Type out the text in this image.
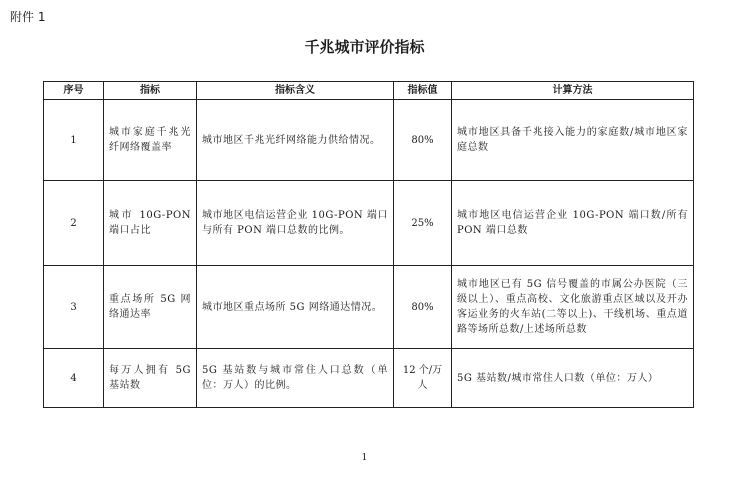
附件 1
千兆城市评价指标
序号	指标	指标含义	指标值	计算方法
1	城市家庭千兆光纤网络覆盖率	城市地区千兆光纤网络能力供给情况。	80%	城市地区具备千兆接入能力的家庭数/城市地区家庭总数
2	城市 10G-PON 端口占比	城市地区电信运营企业 10G-PON 端口与所有 PON 端口总数的比例。	25%	城市地区电信运营企业 10G-PON 端口数/所有 PON 端口总数
3	重点场所 5G 网络通达率	城市地区重点场所 5G 网络通达情况。	80%	城市地区已有 5G 信号覆盖的市属公办医院（三级以上）、重点高校、文化旅游重点区域以及开办客运业务的火车站(二等以上)、干线机场、重点道路等场所总数/上述场所总数
4	每万人拥有 5G 基站数	5G 基站数与城市常住人口总数（单位：万人）的比例。	12 个/万人	5G 基站数/城市常住人口数（单位：万人）
1
